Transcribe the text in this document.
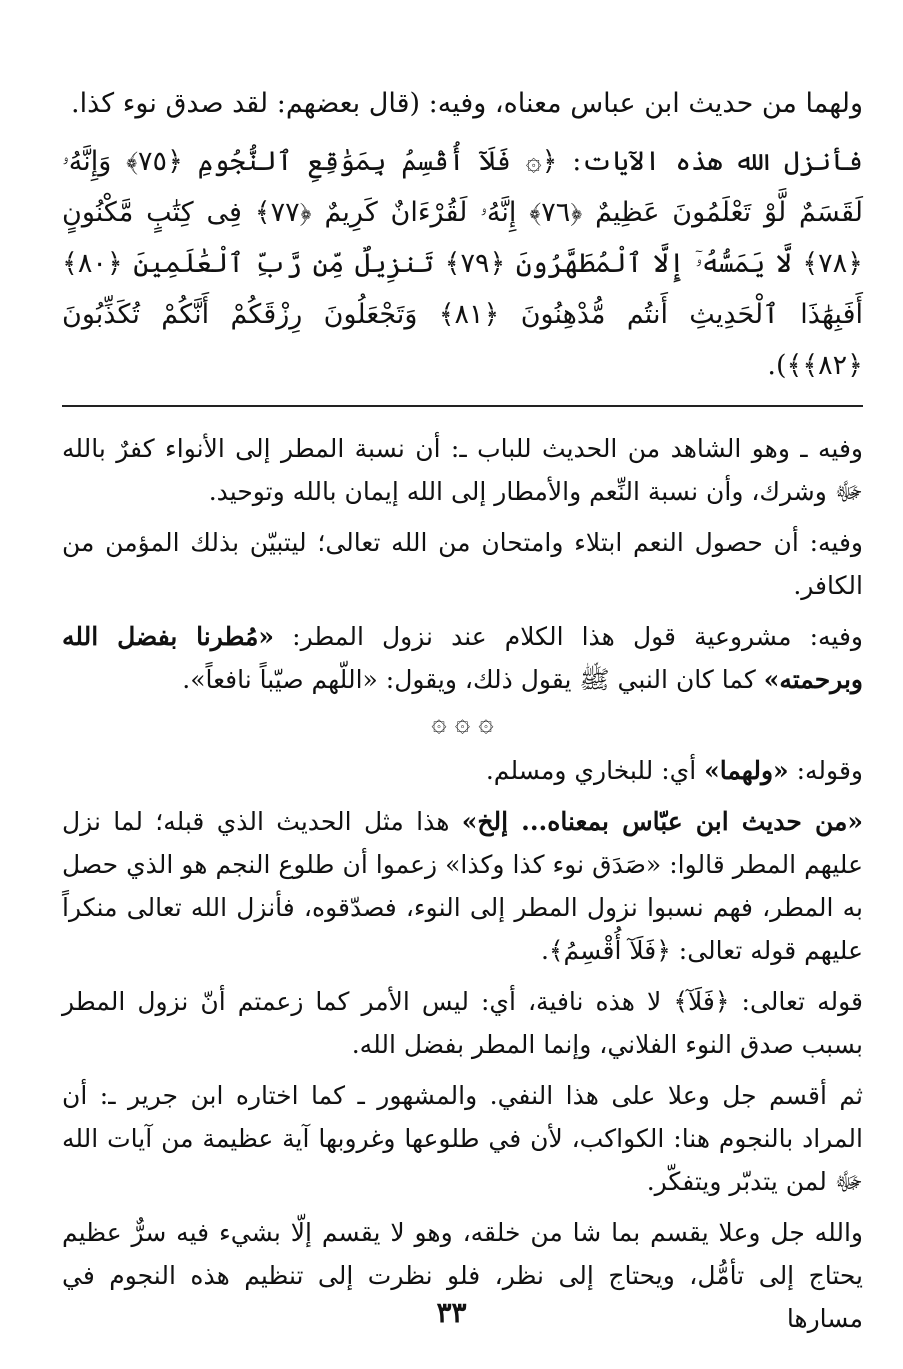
ولهما من حديث ابن عباس معناه، وفيه: (قال بعضهم: لقد صدق نوء كذا.

فأنزل الله هذه الآيات: ﴿۞ فَلَآ أُقْسِمُ بِمَوَٰقِعِ ٱلنُّجُومِ ﴿٧٥﴾ وَإِنَّهُۥ لَقَسَمٌ لَّوْ تَعْلَمُونَ عَظِيمٌ ﴿٧٦﴾ إِنَّهُۥ لَقُرْءَانٌ كَرِيمٌ ﴿٧٧﴾ فِى كِتَٰبٍ مَّكْنُونٍ ﴿٧٨﴾ لَّا يَمَسُّهُۥٓ إِلَّا ٱلْمُطَهَّرُونَ ﴿٧٩﴾ تَنزِيلٌ مِّن رَّبِّ ٱلْعَٰلَمِينَ ﴿٨٠﴾ أَفَبِهَٰذَا ٱلْحَدِيثِ أَنتُم مُّدْهِنُونَ ﴿٨١﴾ وَتَجْعَلُونَ رِزْقَكُمْ أَنَّكُمْ تُكَذِّبُونَ ﴿٨٢﴾﴾).

وفيه ـ وهو الشاهد من الحديث للباب ـ: أن نسبة المطر إلى الأنواء كفرٌ بالله ﷻ وشرك، وأن نسبة النِّعم والأمطار إلى الله إيمان بالله وتوحيد.

وفيه: أن حصول النعم ابتلاء وامتحان من الله تعالى؛ ليتبيّن بذلك المؤمن من الكافر.

وفيه: مشروعية قول هذا الكلام عند نزول المطر: «مُطرنا بفضل الله وبرحمته» كما كان النبي ﷺ يقول ذلك، ويقول: «اللّهم صيّباً نافعاً».

۞ ۞ ۞

وقوله: «ولهما» أي: للبخاري ومسلم.

«من حديث ابن عبّاس بمعناه... إلخ» هذا مثل الحديث الذي قبله؛ لما نزل عليهم المطر قالوا: «صَدَق نوء كذا وكذا» زعموا أن طلوع النجم هو الذي حصل به المطر، فهم نسبوا نزول المطر إلى النوء، فصدّقوه، فأنزل الله تعالى منكراً عليهم قوله تعالى: ﴿فَلَآ أُقْسِمُ﴾.

قوله تعالى: ﴿فَلَآ﴾ لا هذه نافية، أي: ليس الأمر كما زعمتم أنّ نزول المطر بسبب صدق النوء الفلاني، وإنما المطر بفضل الله.

ثم أقسم جل وعلا على هذا النفي. والمشهور ـ كما اختاره ابن جرير ـ: أن المراد بالنجوم هنا: الكواكب، لأن في طلوعها وغروبها آية عظيمة من آيات الله ﷻ لمن يتدبّر ويتفكّر.

والله جل وعلا يقسم بما شا من خلقه، وهو لا يقسم إلّا بشيء فيه سرٌّ عظيم يحتاج إلى تأمُّل، ويحتاج إلى نظر، فلو نظرت إلى تنظيم هذه النجوم في مسارها

٣٣
